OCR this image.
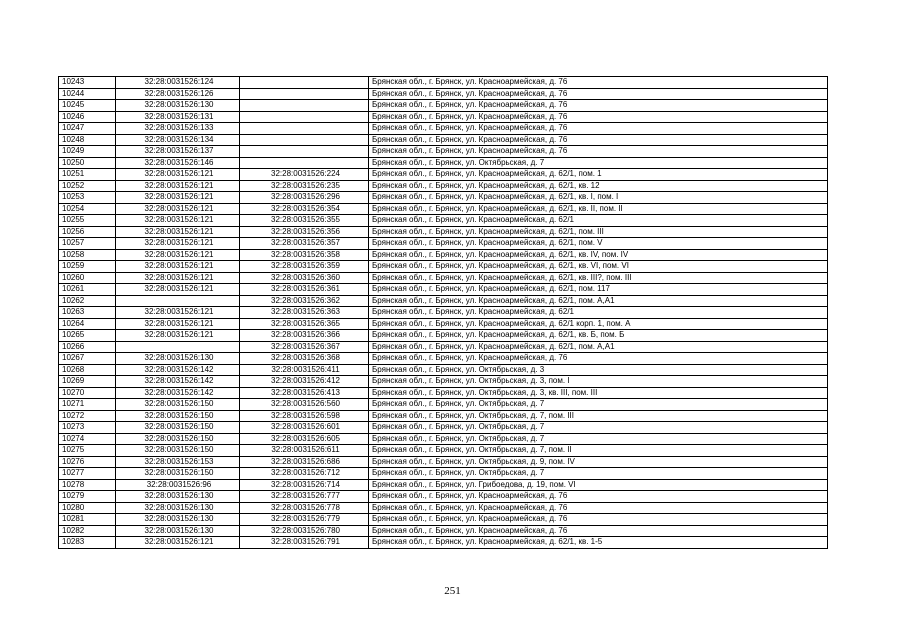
10243	32:28:0031526:124		Брянская обл., г. Брянск, ул. Красноармейская, д. 76
10244	32:28:0031526:126		Брянская обл., г. Брянск, ул. Красноармейская, д. 76
10245	32:28:0031526:130		Брянская обл., г. Брянск, ул. Красноармейская, д. 76
10246	32:28:0031526:131		Брянская обл., г. Брянск, ул. Красноармейская, д. 76
10247	32:28:0031526:133		Брянская обл., г. Брянск, ул. Красноармейская, д. 76
10248	32:28:0031526:134		Брянская обл., г. Брянск, ул. Красноармейская, д. 76
10249	32:28:0031526:137		Брянская обл., г. Брянск, ул. Красноармейская, д. 76
10250	32:28:0031526:146		Брянская обл., г. Брянск, ул. Октябрьская, д. 7
10251	32:28:0031526:121	32:28:0031526:224	Брянская обл., г. Брянск, ул. Красноармейская, д. 62/1, пом. 1
10252	32:28:0031526:121	32:28:0031526:235	Брянская обл., г. Брянск, ул. Красноармейская, д. 62/1, кв. 12
10253	32:28:0031526:121	32:28:0031526:296	Брянская обл., г. Брянск, ул. Красноармейская, д. 62/1, кв. I, пом. I
10254	32:28:0031526:121	32:28:0031526:354	Брянская обл., г. Брянск, ул. Красноармейская, д. 62/1, кв. II, пом. II
10255	32:28:0031526:121	32:28:0031526:355	Брянская обл., г. Брянск, ул. Красноармейская, д. 62/1
10256	32:28:0031526:121	32:28:0031526:356	Брянская обл., г. Брянск, ул. Красноармейская, д. 62/1, пом. III
10257	32:28:0031526:121	32:28:0031526:357	Брянская обл., г. Брянск, ул. Красноармейская, д. 62/1, пом. V
10258	32:28:0031526:121	32:28:0031526:358	Брянская обл., г. Брянск, ул. Красноармейская, д. 62/1, кв. IV, пом. IV
10259	32:28:0031526:121	32:28:0031526:359	Брянская обл., г. Брянск, ул. Красноармейская, д. 62/1, кв. VI, пом. VI
10260	32:28:0031526:121	32:28:0031526:360	Брянская обл., г. Брянск, ул. Красноармейская, д. 62/1, кв. III?, пом. III
10261	32:28:0031526:121	32:28:0031526:361	Брянская обл., г. Брянск, ул. Красноармейская, д. 62/1, пом. 117
10262		32:28:0031526:362	Брянская обл., г. Брянск, ул. Красноармейская, д. 62/1, пом. А,А1
10263	32:28:0031526:121	32:28:0031526:363	Брянская обл., г. Брянск, ул. Красноармейская, д. 62/1
10264	32:28:0031526:121	32:28:0031526:365	Брянская обл., г. Брянск, ул. Красноармейская, д. 62/1 корп. 1, пом. А
10265	32:28:0031526:121	32:28:0031526:366	Брянская обл., г. Брянск, ул. Красноармейская, д. 62/1, кв. Б, пом. Б
10266		32:28:0031526:367	Брянская обл., г. Брянск, ул. Красноармейская, д. 62/1, пом. А,А1
10267	32:28:0031526:130	32:28:0031526:368	Брянская обл., г. Брянск, ул. Красноармейская, д. 76
10268	32:28:0031526:142	32:28:0031526:411	Брянская обл., г. Брянск, ул. Октябрьская, д. 3
10269	32:28:0031526:142	32:28:0031526:412	Брянская обл., г. Брянск, ул. Октябрьская, д. 3, пом. I
10270	32:28:0031526:142	32:28:0031526:413	Брянская обл., г. Брянск, ул. Октябрьская, д. 3, кв. III, пом. III
10271	32:28:0031526:150	32:28:0031526:560	Брянская обл., г. Брянск, ул. Октябрьская, д. 7
10272	32:28:0031526:150	32:28:0031526:598	Брянская обл., г. Брянск, ул. Октябрьская, д. 7, пом. III
10273	32:28:0031526:150	32:28:0031526:601	Брянская обл., г. Брянск, ул. Октябрьская, д. 7
10274	32:28:0031526:150	32:28:0031526:605	Брянская обл., г. Брянск, ул. Октябрьская, д. 7
10275	32:28:0031526:150	32:28:0031526:611	Брянская обл., г. Брянск, ул. Октябрьская, д. 7, пом. II
10276	32:28:0031526:153	32:28:0031526:686	Брянская обл., г. Брянск, ул. Октябрьская, д. 9, пом. IV
10277	32:28:0031526:150	32:28:0031526:712	Брянская обл., г. Брянск, ул. Октябрьская, д. 7
10278	32:28:0031526:96	32:28:0031526:714	Брянская обл., г. Брянск, ул. Грибоедова, д. 19, пом. VI
10279	32:28:0031526:130	32:28:0031526:777	Брянская обл., г. Брянск, ул. Красноармейская, д. 76
10280	32:28:0031526:130	32:28:0031526:778	Брянская обл., г. Брянск, ул. Красноармейская, д. 76
10281	32:28:0031526:130	32:28:0031526:779	Брянская обл., г. Брянск, ул. Красноармейская, д. 76
10282	32:28:0031526:130	32:28:0031526:780	Брянская обл., г. Брянск, ул. Красноармейская, д. 76
10283	32:28:0031526:121	32:28:0031526:791	Брянская обл., г. Брянск, ул. Красноармейская, д. 62/1, кв. 1-5
251
